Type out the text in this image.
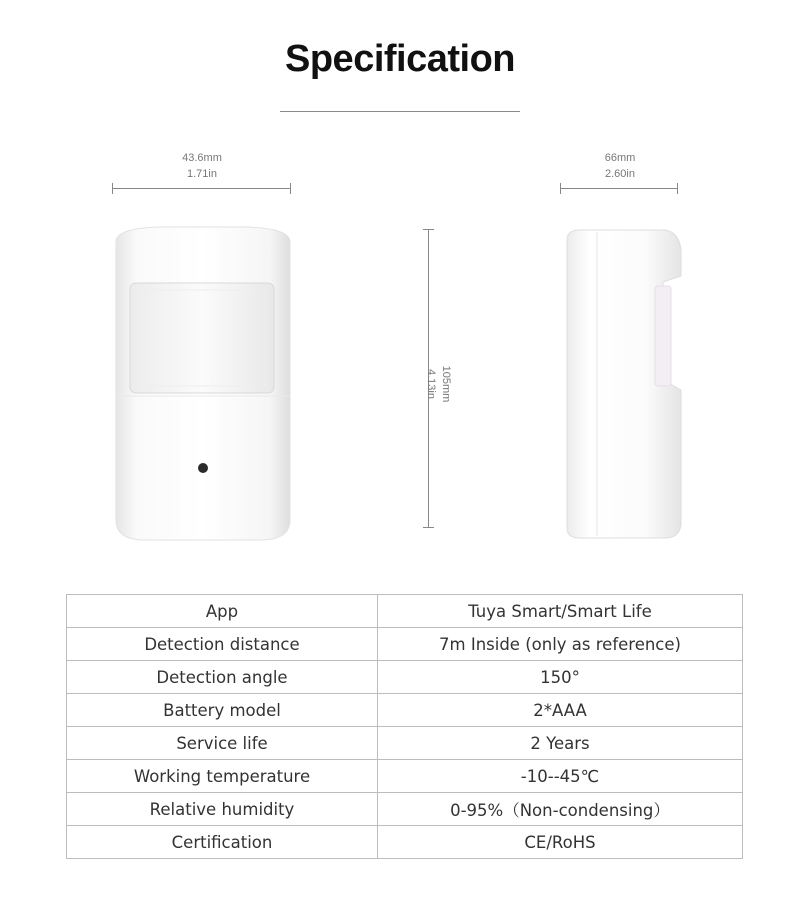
Specification
43.6mm
1.71in
66mm
2.60in
105mm
4.13in
App	Tuya Smart/Smart Life
Detection distance	7m Inside (only as reference)
Detection angle	150°
Battery model	2*AAA
Service life	2 Years
Working temperature	-10--45℃
Relative humidity	0-95%（Non-condensing）
Certification	CE/RoHS
